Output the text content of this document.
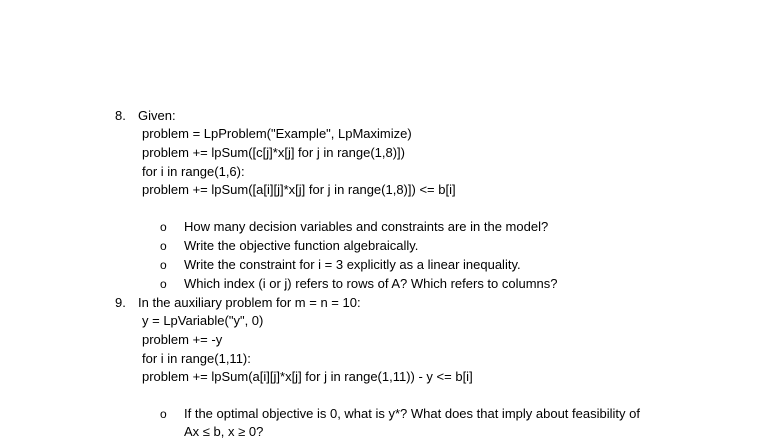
8. Given:
problem = LpProblem("Example", LpMaximize)
problem += lpSum([c[j]*x[j] for j in range(1,8)])
for i in range(1,6):
problem += lpSum([a[i][j]*x[j] for j in range(1,8)]) <= b[i]
o How many decision variables and constraints are in the model?
o Write the objective function algebraically.
o Write the constraint for i = 3 explicitly as a linear inequality.
o Which index (i or j) refers to rows of A? Which refers to columns?
9. In the auxiliary problem for m = n = 10:
y = LpVariable("y", 0)
problem += -y
for i in range(1,11):
problem += lpSum(a[i][j]*x[j] for j in range(1,11)) - y <= b[i]
o If the optimal objective is 0, what is y*? What does that imply about feasibility of
Ax ≤ b, x ≥ 0?
